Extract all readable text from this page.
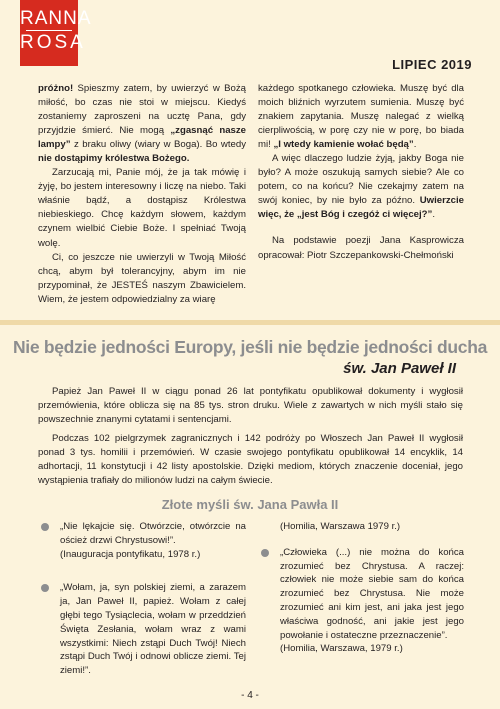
RANNA
ROSA
LIPIEC 2019

próżno! Spieszmy zatem, by uwierzyć w Bożą miłość, bo czas nie stoi w miejscu. Kiedyś zostaniemy zaproszeni na ucztę Pana, gdy przyjdzie śmierć. Nie mogą „zgasnąć nasze lampy” z braku oliwy (wiary w Boga). Bo wtedy nie dostąpimy królestwa Bożego.

Zarzucają mi, Panie mój, że ja tak mówię i żyję, bo jestem interesowny i liczę na niebo. Taki właśnie bądź, a dostąpisz Królestwa niebieskiego. Chcę każdym słowem, każdym czynem wielbić Ciebie Boże. I spełniać Twoją wolę.

Ci, co jeszcze nie uwierzyli w Twoją Miłość chcą, abym był tolerancyjny, abym im nie przypominał, że JESTEŚ naszym Zbawicielem. Wiem, że jestem odpowiedzialny za wiarę

każdego spotkanego człowieka. Muszę być dla moich bliźnich wyrzutem sumienia. Muszę być znakiem zapytania. Muszę nalegać z wielką cierpliwością, w porę czy nie w porę, bo biada mi! „I wtedy kamienie wołać będą”.

A więc dlaczego ludzie żyją, jakby Boga nie było? A może oszukują samych siebie? Ale co potem, co na końcu? Nie czekajmy zatem na swój koniec, by nie było za późno. Uwierzcie więc, że „jest Bóg i czegóż ci więcej?”.

Na podstawie poezji Jana Kasprowicza opracował: Piotr Szczepankowski-Chełmoński

Nie będzie jedności Europy, jeśli nie będzie jedności ducha
św. Jan Paweł II

Papież Jan Paweł II w ciągu ponad 26 lat pontyfikatu opublikował dokumenty i wygłosił przemówienia, które oblicza się na 85 tys. stron druku. Wiele z zawartych w nich myśli stało się powszechnie znanymi cytatami i sentencjami.

Podczas 102 pielgrzymek zagranicznych i 142 podróży po Włoszech Jan Paweł II wygłosił ponad 3 tys. homilii i przemówień. W czasie swojego pontyfikatu opublikował 14 encyklik, 14 adhortacji, 11 konstytucji i 42 listy apostolskie. Dzięki mediom, których znaczenie doceniał, jego wystąpienia trafiały do milionów ludzi na całym świecie.

Złote myśli św. Jana Pawła II

„Nie lękajcie się. Otwórzcie, otwórzcie na oścież drzwi Chrystusowi!”.

(Inauguracja pontyfikatu, 1978 r.)

„Wołam, ja, syn polskiej ziemi, a zarazem ja, Jan Paweł II, papież. Wołam z całej głębi tego Tysiąclecia, wołam w przeddzień Święta Zesłania, wołam wraz z wami wszystkimi: Niech zstąpi Duch Twój! Niech zstąpi Duch Twój i odnowi oblicze ziemi. Tej ziemi!”.

(Homilia, Warszawa 1979 r.)

„Człowieka (...) nie można do końca zrozumieć bez Chrystusa. A raczej: człowiek nie może siebie sam do końca zrozumieć bez Chrystusa. Nie może zrozumieć ani kim jest, ani jaka jest jego właściwa godność, ani jakie jest jego powołanie i ostateczne przeznaczenie”.

(Homilia, Warszawa, 1979 r.)

- 4 -
